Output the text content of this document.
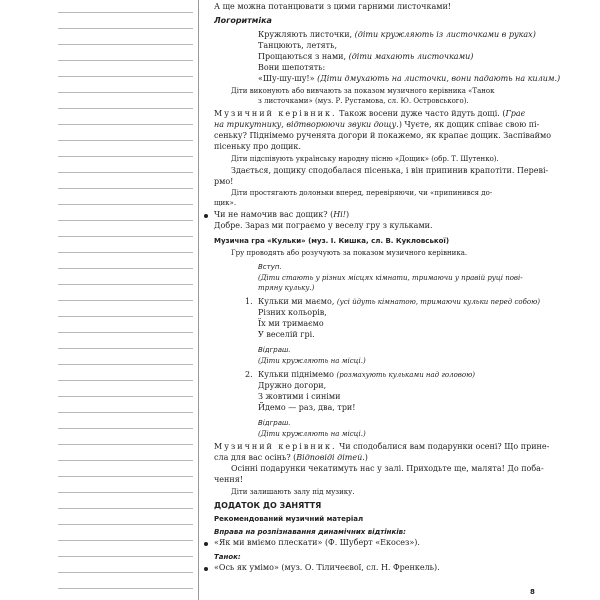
А ще можна потанцювати з цими гарними листочками!
Логоритміка
Кружляють листочки, (діти кружляють із листочками в руках)
Танцюють, летять,
Прощаються з нами, (діти махають листочками)
Вони шепотять:
«Шу-шу-шу!» (Діти дмухають на листочки, вони падають на килим.)
Діти виконують або вивчають за показом музичного керівника «Танок
з листочками» (муз. Р. Рустамова, сл. Ю. Островського).
Музичний керівник. Також восени дуже часто йдуть дощі. (Грає
на трикутнику, відтворюючи звуки дощу.) Чуєте, як дощик співає свою пі-
сеньку? Піднімемо рученята догори й покажемо, як крапає дощик. Заспіваймо
пісеньку про дощик.
Діти підспівують українську народну пісню «Дощик» (обр. Т. Шутенко).
Здається, дощику сподобалася пісенька, і він припинив крапотіти. Переві-
рмо!
Діти простягають долоньки вперед, перевіряючи, чи «припинився до-
щик».
Чи не намочив вас дощик? (Ні!)
Добре. Зараз ми пограємо у веселу гру з кульками.
Музична гра «Кульки» (муз. І. Кишка, сл. В. Кукловської)
Гру проводять або розучують за показом музичного керівника.
Вступ.
(Діти стають у різних місцях кімнати, тримаючи у правій руці пові-
тряну кульку.)
1. Кульки ми маємо, (усі йдуть кімнатою, тримаючи кульки перед собою)
Різних кольорів,
Їх ми тримаємо
У веселій грі.
Відграш.
(Діти кружляють на місці.)
2. Кульки піднімемо (розмахують кульками над головою)
Дружно догори,
З жовтими і синіми
Йдемо — раз, два, три!
Відграш.
(Діти кружляють на місці.)
Музичний керівник. Чи сподобалися вам подарунки осені? Що прине-
сла для вас осінь? (Відповіді дітей.)
Осінні подарунки чекатимуть нас у залі. Приходьте ще, малята! До поба-
чення!
Діти залишають залу під музику.
ДОДАТОК ДО ЗАНЯТТЯ
Рекомендований музичний матеріал
Вправа на розпізнавання динамічних відтінків:
«Як ми вміємо плескати» (Ф. Шуберт «Екосез»).
Танок:
«Ось як умімо» (муз. О. Тіличеєвої, сл. Н. Френкель).
8
